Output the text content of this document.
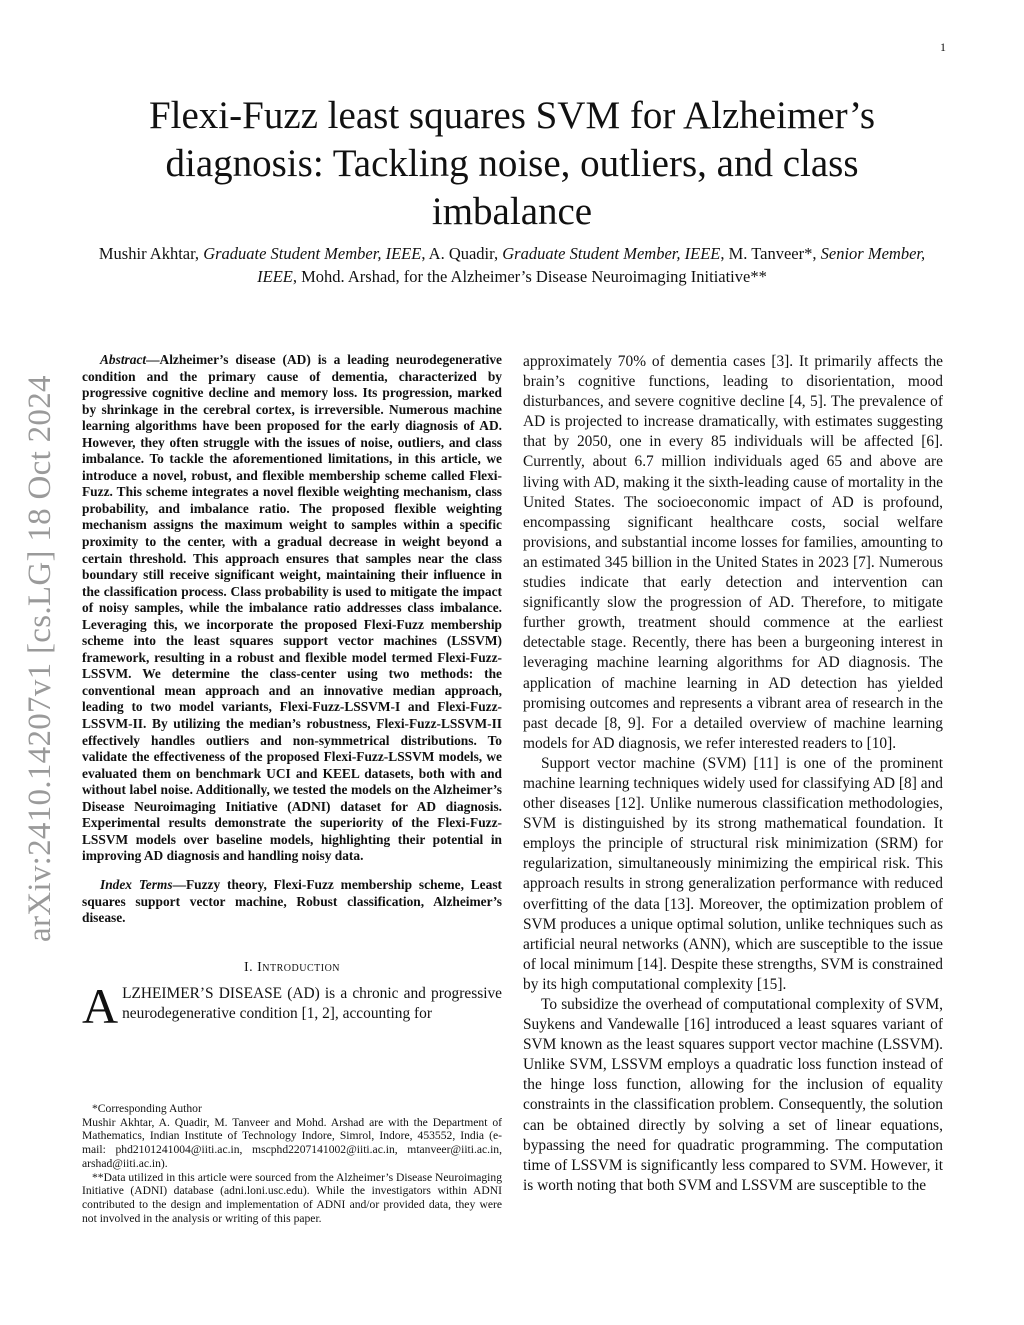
1
Flexi-Fuzz least squares SVM for Alzheimer’s diagnosis: Tackling noise, outliers, and class imbalance
Mushir Akhtar, Graduate Student Member, IEEE, A. Quadir, Graduate Student Member, IEEE, M. Tanveer*, Senior Member, IEEE, Mohd. Arshad, for the Alzheimer’s Disease Neuroimaging Initiative**
arXiv:2410.14207v1 [cs.LG] 18 Oct 2024

Abstract—Alzheimer’s disease (AD) is a leading neurodegenerative condition and the primary cause of dementia, characterized by progressive cognitive decline and memory loss. Its progression, marked by shrinkage in the cerebral cortex, is irreversible. Numerous machine learning algorithms have been proposed for the early diagnosis of AD. However, they often struggle with the issues of noise, outliers, and class imbalance. To tackle the aforementioned limitations, in this article, we introduce a novel, robust, and flexible membership scheme called Flexi-Fuzz. This scheme integrates a novel flexible weighting mechanism, class probability, and imbalance ratio. The proposed flexible weighting mechanism assigns the maximum weight to samples within a specific proximity to the center, with a gradual decrease in weight beyond a certain threshold. This approach ensures that samples near the class boundary still receive significant weight, maintaining their influence in the classification process. Class probability is used to mitigate the impact of noisy samples, while the imbalance ratio addresses class imbalance. Leveraging this, we incorporate the proposed Flexi-Fuzz membership scheme into the least squares support vector machines (LSSVM) framework, resulting in a robust and flexible model termed Flexi-Fuzz-LSSVM. We determine the class-center using two methods: the conventional mean approach and an innovative median approach, leading to two model variants, Flexi-Fuzz-LSSVM-I and Flexi-Fuzz-LSSVM-II. By utilizing the median’s robustness, Flexi-Fuzz-LSSVM-II effectively handles outliers and non-symmetrical distributions. To validate the effectiveness of the proposed Flexi-Fuzz-LSSVM models, we evaluated them on benchmark UCI and KEEL datasets, both with and without label noise. Additionally, we tested the models on the Alzheimer’s Disease Neuroimaging Initiative (ADNI) dataset for AD diagnosis. Experimental results demonstrate the superiority of the Flexi-Fuzz-LSSVM models over baseline models, highlighting their potential in improving AD diagnosis and handling noisy data.

Index Terms—Fuzzy theory, Flexi-Fuzz membership scheme, Least squares support vector machine, Robust classification, Alzheimer’s disease.

I. Introduction

ALZHEIMER’S DISEASE (AD) is a chronic and progressive neurodegenerative condition [1, 2], accounting for

*Corresponding Author

Mushir Akhtar, A. Quadir, M. Tanveer and Mohd. Arshad are with the Department of Mathematics, Indian Institute of Technology Indore, Simrol, Indore, 453552, India (e-mail: phd2101241004@iiti.ac.in, mscphd2207141002@iiti.ac.in, mtanveer@iiti.ac.in, arshad@iiti.ac.in).

**Data utilized in this article were sourced from the Alzheimer’s Disease Neuroimaging Initiative (ADNI) database (adni.loni.usc.edu). While the investigators within ADNI contributed to the design and implementation of ADNI and/or provided data, they were not involved in the analysis or writing of this paper.

approximately 70% of dementia cases [3]. It primarily affects the brain’s cognitive functions, leading to disorientation, mood disturbances, and severe cognitive decline [4, 5]. The prevalence of AD is projected to increase dramatically, with estimates suggesting that by 2050, one in every 85 individuals will be affected [6]. Currently, about 6.7 million individuals aged 65 and above are living with AD, making it the sixth-leading cause of mortality in the United States. The socioeconomic impact of AD is profound, encompassing significant healthcare costs, social welfare provisions, and substantial income losses for families, amounting to an estimated 345 billion in the United States in 2023 [7]. Numerous studies indicate that early detection and intervention can significantly slow the progression of AD. Therefore, to mitigate further growth, treatment should commence at the earliest detectable stage. Recently, there has been a burgeoning interest in leveraging machine learning algorithms for AD diagnosis. The application of machine learning in AD detection has yielded promising outcomes and represents a vibrant area of research in the past decade [8, 9]. For a detailed overview of machine learning models for AD diagnosis, we refer interested readers to [10].

Support vector machine (SVM) [11] is one of the prominent machine learning techniques widely used for classifying AD [8] and other diseases [12]. Unlike numerous classification methodologies, SVM is distinguished by its strong mathematical foundation. It employs the principle of structural risk minimization (SRM) for regularization, simultaneously minimizing the empirical risk. This approach results in strong generalization performance with reduced overfitting of the data [13]. Moreover, the optimization problem of SVM produces a unique optimal solution, unlike techniques such as artificial neural networks (ANN), which are susceptible to the issue of local minimum [14]. Despite these strengths, SVM is constrained by its high computational complexity [15].

To subsidize the overhead of computational complexity of SVM, Suykens and Vandewalle [16] introduced a least squares variant of SVM known as the least squares support vector machine (LSSVM). Unlike SVM, LSSVM employs a quadratic loss function instead of the hinge loss function, allowing for the inclusion of equality constraints in the classification problem. Consequently, the solution can be obtained directly by solving a set of linear equations, bypassing the need for quadratic programming. The computation time of LSSVM is significantly less compared to SVM. However, it is worth noting that both SVM and LSSVM are susceptible to the
